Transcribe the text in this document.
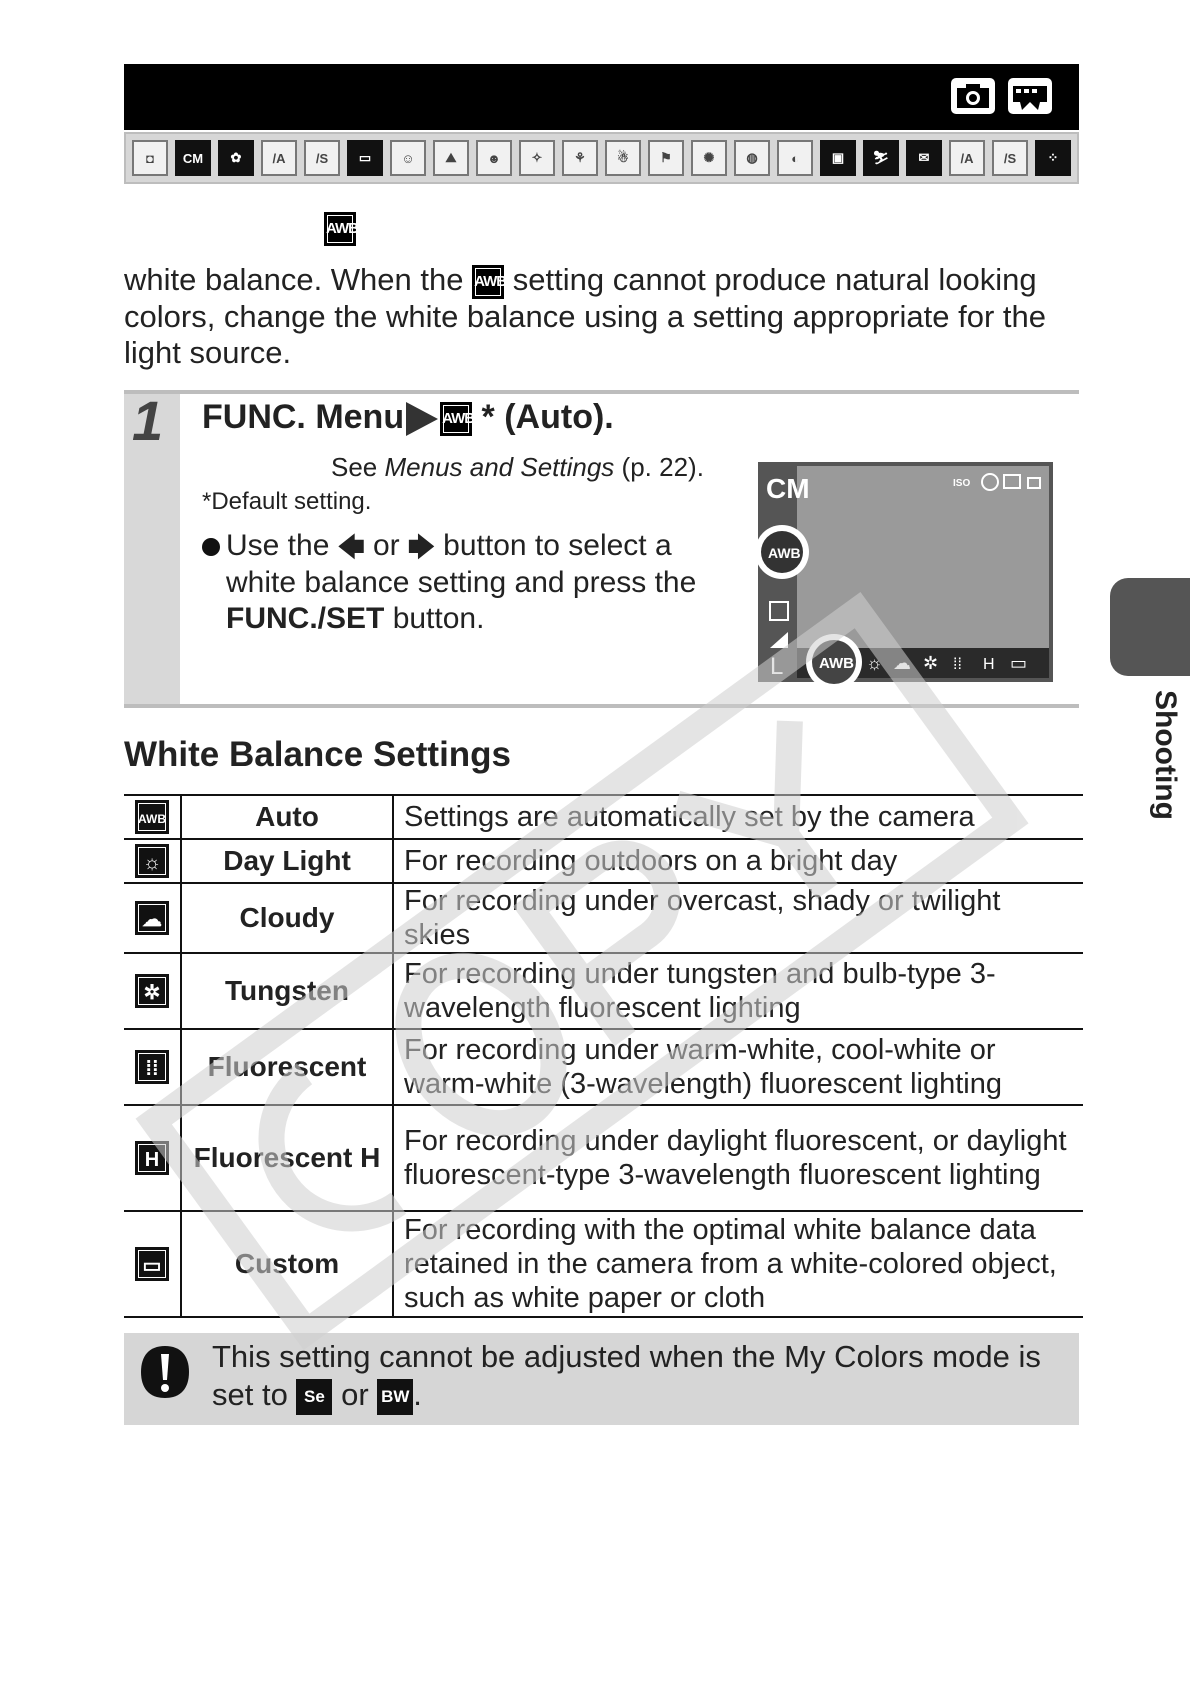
◘	CM	✿	/A	/S	▭	☺	⛰	☻	✧	⚘	☃	⚑	✺	◍	◐	▣	⛷	✉	/A	/S	⁘
AWB

white balance. When the AWB setting cannot produce natural looking colors, change the white balance using a setting appropriate for the light source.
1 FUNC. Menu	AWB * (Auto).
See Menus and Settings (p. 22).
*Default setting.
Use the 🡄 or 🡆 button to select a white balance setting and press the FUNC./SET button.
CM	ISO
AWB
L AWB ☼ ☁ ✲ ⁞⁞ H ▭
Shooting
White Balance Settings
AWB	Auto	Settings are automatically set by the camera
☼	Day Light	For recording outdoors on a bright day
☁	Cloudy	For recording under overcast, shady or twilight skies
✲	Tungsten	For recording under tungsten and bulb-type 3-wavelength fluorescent lighting
⁞⁞	Fluorescent	For recording under warm-white, cool-white or warm-white (3-wavelength) fluorescent lighting
H	Fluorescent H	For recording under daylight fluorescent, or daylight fluorescent-type 3-wavelength fluorescent lighting
▭	Custom	For recording with the optimal white balance data retained in the camera from a white-colored object, such as white paper or cloth
This setting cannot be adjusted when the My Colors mode is set to Se or BW .
